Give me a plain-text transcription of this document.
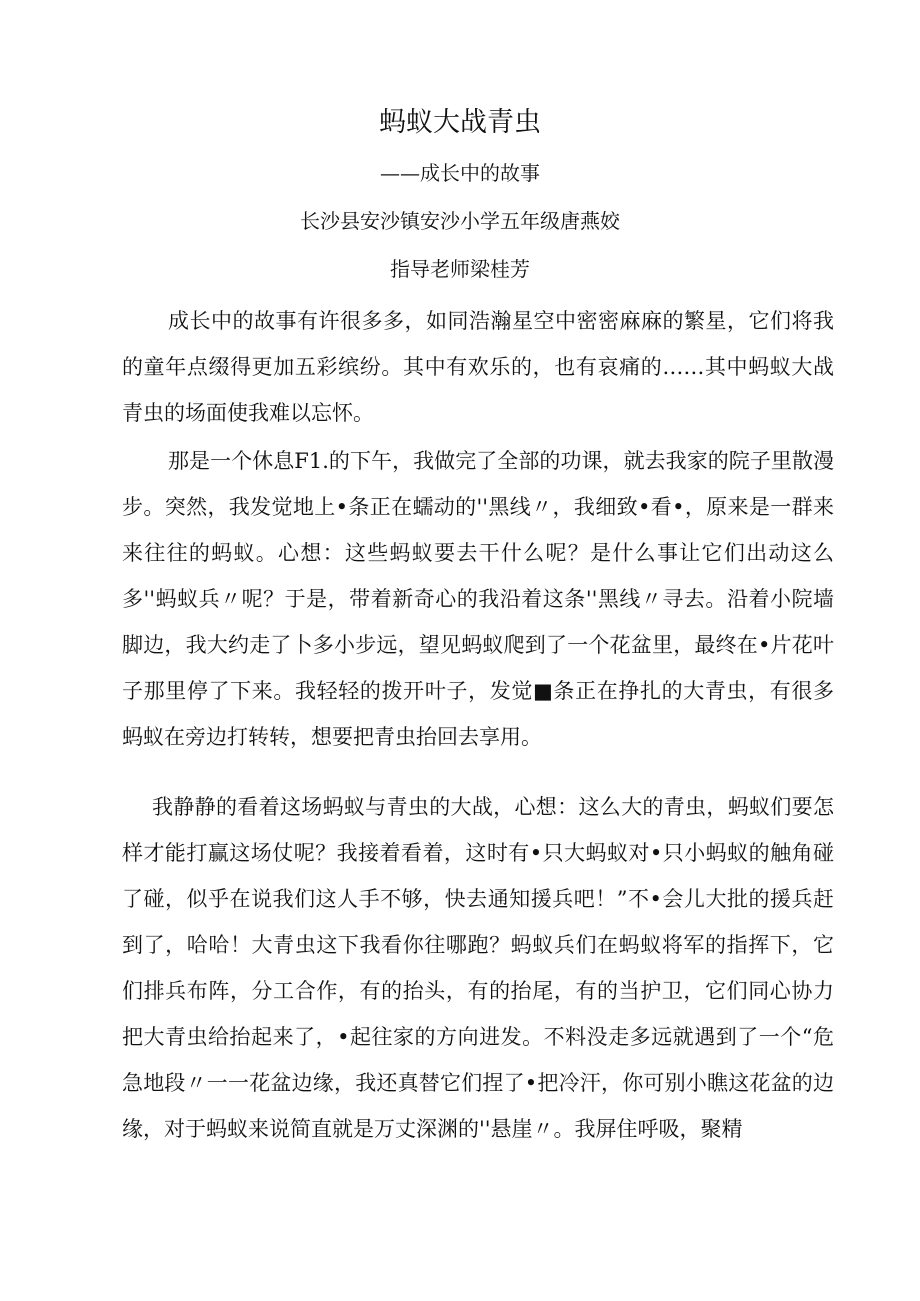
蚂蚁大战青虫
——成长中的故事
长沙县安沙镇安沙小学五年级唐燕姣
指导老师梁桂芳

成长中的故事有许很多多，如同浩瀚星空中密密麻麻的繁星，它们将我的童年点缀得更加五彩缤纷。其中有欢乐的，也有哀痛的……其中蚂蚁大战青虫的场面使我难以忘怀。

那是一个休息F1.的下午，我做完了全部的功课，就去我家的院子里散漫步。突然，我发觉地上•条正在蠕动的''黑线〃，我细致•看•，原来是一群来来往往的蚂蚁。心想：这些蚂蚁要去干什么呢？是什么事让它们出动这么多''蚂蚁兵〃呢？于是，带着新奇心的我沿着这条''黑线〃寻去。沿着小院墙脚边，我大约走了卜多小步远，望见蚂蚁爬到了一个花盆里，最终在•片花叶子那里停了下来。我轻轻的拨开叶子，发觉■条正在挣扎的大青虫，有很多蚂蚁在旁边打转转，想要把青虫抬回去享用。

我静静的看着这场蚂蚁与青虫的大战，心想：这么大的青虫，蚂蚁们要怎样才能打赢这场仗呢？我接着看着，这时有•只大蚂蚁对•只小蚂蚁的触角碰了碰，似乎在说我们这人手不够，快去通知援兵吧！”不•会儿大批的援兵赶到了，哈哈！大青虫这下我看你往哪跑？蚂蚁兵们在蚂蚁将军的指挥下，它们排兵布阵，分工合作，有的抬头，有的抬尾，有的当护卫，它们同心协力把大青虫给抬起来了，•起往家的方向进发。不料没走多远就遇到了一个“危急地段〃一一花盆边缘，我还真替它们捏了•把冷汗，你可别小瞧这花盆的边缘，对于蚂蚁来说简直就是万丈深渊的''悬崖〃。我屏住呼吸，聚精
